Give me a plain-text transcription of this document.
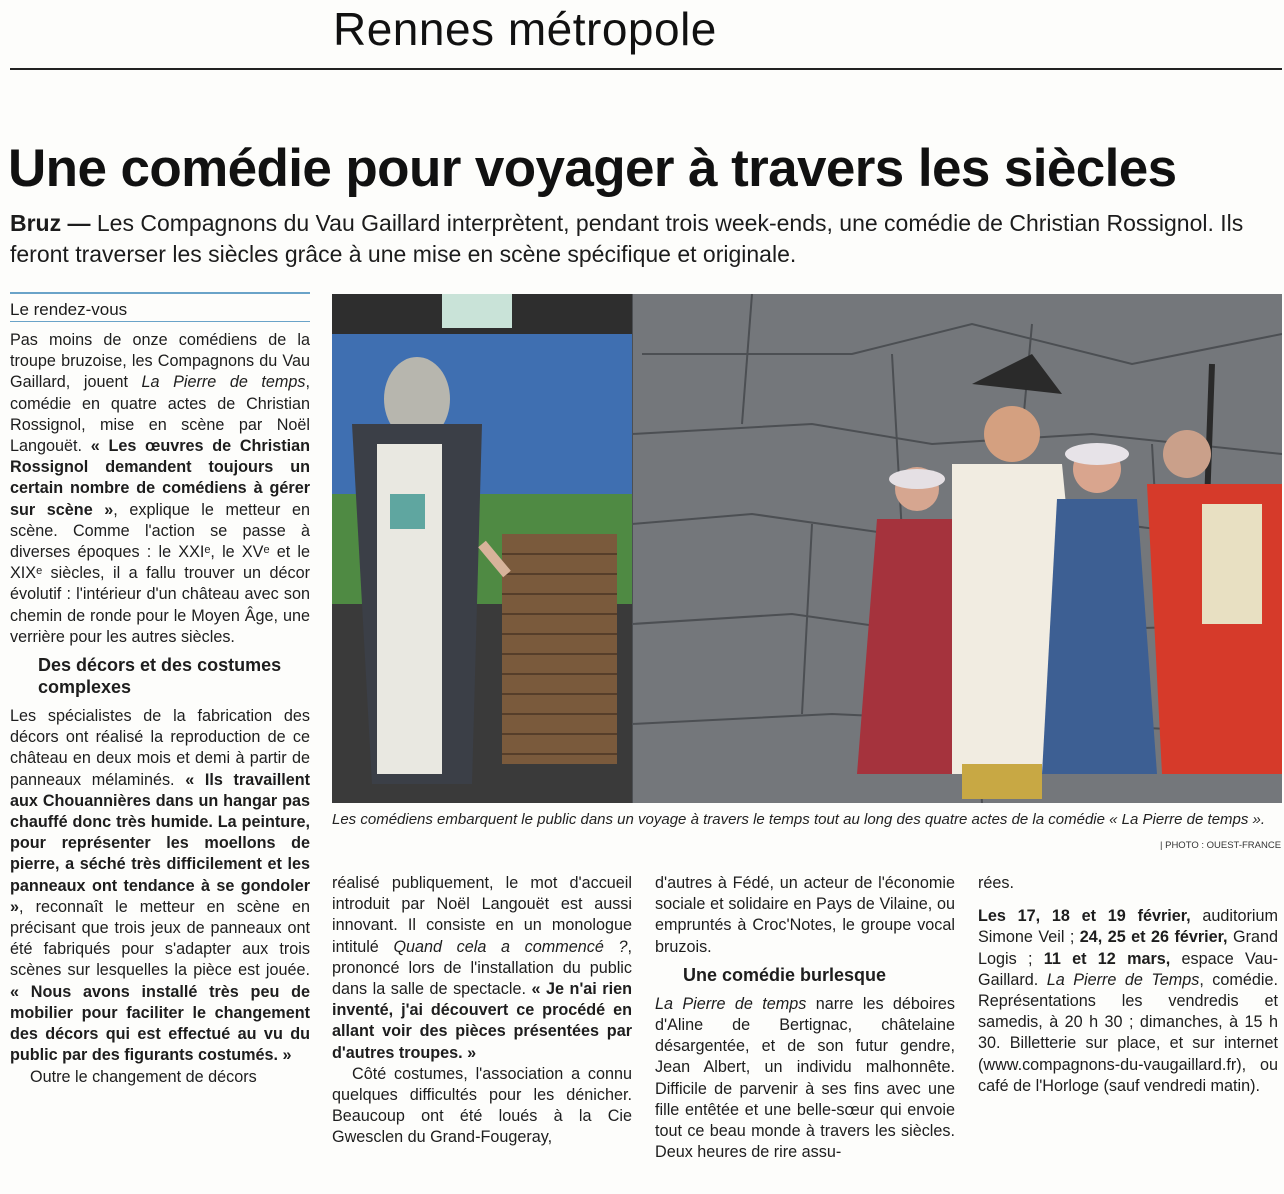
Rennes métropole
Une comédie pour voyager à travers les siècles
Bruz — Les Compagnons du Vau Gaillard interprètent, pendant trois week-ends, une comédie de Christian Rossignol. Ils feront traverser les siècles grâce à une mise en scène spécifique et originale.
Le rendez-vous

Pas moins de onze comédiens de la troupe bruzoise, les Compagnons du Vau Gaillard, jouent La Pierre de temps, comédie en quatre actes de Christian Rossignol, mise en scène par Noël Langouët. « Les œuvres de Christian Rossignol demandent toujours un certain nombre de comédiens à gérer sur scène », explique le metteur en scène. Comme l'action se passe à diverses époques : le XXIᵉ, le XVᵉ et le XIXᵉ siècles, il a fallu trouver un décor évolutif : l'intérieur d'un château avec son chemin de ronde pour le Moyen Âge, une verrière pour les autres siècles.

Des décors et des costumes complexes

Les spécialistes de la fabrication des décors ont réalisé la reproduction de ce château en deux mois et demi à partir de panneaux mélaminés. « Ils travaillent aux Chouannières dans un hangar pas chauffé donc très humide. La peinture, pour représenter les moellons de pierre, a séché très difficilement et les panneaux ont tendance à se gondoler », reconnaît le metteur en scène en précisant que trois jeux de panneaux ont été fabriqués pour s'adapter aux trois scènes sur lesquelles la pièce est jouée. « Nous avons installé très peu de mobilier pour faciliter le changement des décors qui est effectué au vu du public par des figurants costumés. »

Outre le changement de décors

Les comédiens embarquent le public dans un voyage à travers le temps tout au long des quatre actes de la comédie « La Pierre de temps ».
| PHOTO : OUEST-FRANCE

réalisé publiquement, le mot d'accueil introduit par Noël Langouët est aussi innovant. Il consiste en un monologue intitulé Quand cela a commencé ?, prononcé lors de l'installation du public dans la salle de spectacle. « Je n'ai rien inventé, j'ai découvert ce procédé en allant voir des pièces présentées par d'autres troupes. »

Côté costumes, l'association a connu quelques difficultés pour les dénicher. Beaucoup ont été loués à la Cie Gwesclen du Grand-Fougeray,

d'autres à Fédé, un acteur de l'économie sociale et solidaire en Pays de Vilaine, ou empruntés à Croc'Notes, le groupe vocal bruzois.

Une comédie burlesque

La Pierre de temps narre les déboires d'Aline de Bertignac, châtelaine désargentée, et de son futur gendre, Jean Albert, un individu malhonnête. Difficile de parvenir à ses fins avec une fille entêtée et une belle-sœur qui envoie tout ce beau monde à travers les siècles. Deux heures de rire assu-

rées.

Les 17, 18 et 19 février, auditorium Simone Veil ; 24, 25 et 26 février, Grand Logis ; 11 et 12 mars, espace Vau-Gaillard. La Pierre de Temps, comédie. Représentations les vendredis et samedis, à 20 h 30 ; dimanches, à 15 h 30. Billetterie sur place, et sur internet (www.compagnons-du-vaugaillard.fr), ou café de l'Horloge (sauf vendredi matin).
